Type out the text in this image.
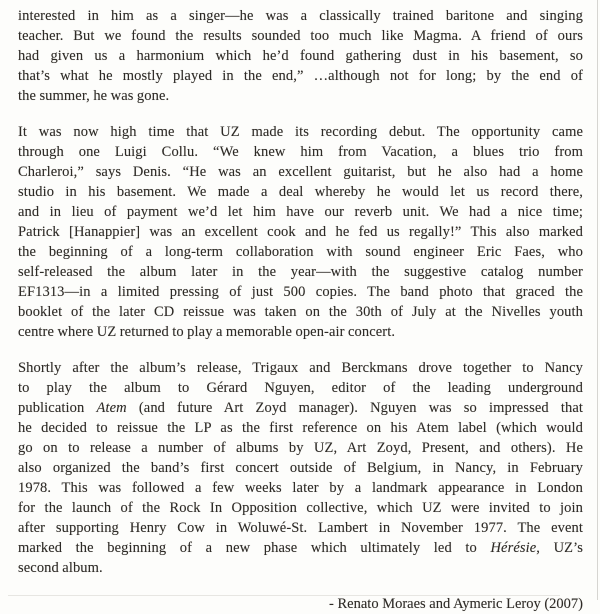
interested in him as a singer—he was a classically trained baritone and singing
teacher. But we found the results sounded too much like Magma. A friend of ours
had given us a harmonium which he’d found gathering dust in his basement, so
that’s what he mostly played in the end,” …although not for long; by the end of
the summer, he was gone.

It was now high time that UZ made its recording debut. The opportunity came
through one Luigi Collu. “We knew him from Vacation, a blues trio from
Charleroi,” says Denis. “He was an excellent guitarist, but he also had a home
studio in his basement. We made a deal whereby he would let us record there,
and in lieu of payment we’d let him have our reverb unit. We had a nice time;
Patrick [Hanappier] was an excellent cook and he fed us regally!” This also marked
the beginning of a long-term collaboration with sound engineer Eric Faes, who
self-released the album later in the year—with the suggestive catalog number
EF1313—in a limited pressing of just 500 copies. The band photo that graced the
booklet of the later CD reissue was taken on the 30th of July at the Nivelles youth
centre where UZ returned to play a memorable open-air concert.

Shortly after the album’s release, Trigaux and Berckmans drove together to Nancy
to play the album to Gérard Nguyen, editor of the leading underground
publication Atem (and future Art Zoyd manager). Nguyen was so impressed that
he decided to reissue the LP as the first reference on his Atem label (which would
go on to release a number of albums by UZ, Art Zoyd, Present, and others). He
also organized the band’s first concert outside of Belgium, in Nancy, in February
1978. This was followed a few weeks later by a landmark appearance in London
for the launch of the Rock In Opposition collective, which UZ were invited to join
after supporting Henry Cow in Woluwé-St. Lambert in November 1977. The event
marked the beginning of a new phase which ultimately led to Hérésie, UZ’s
second album.

- Renato Moraes and Aymeric Leroy (2007)
